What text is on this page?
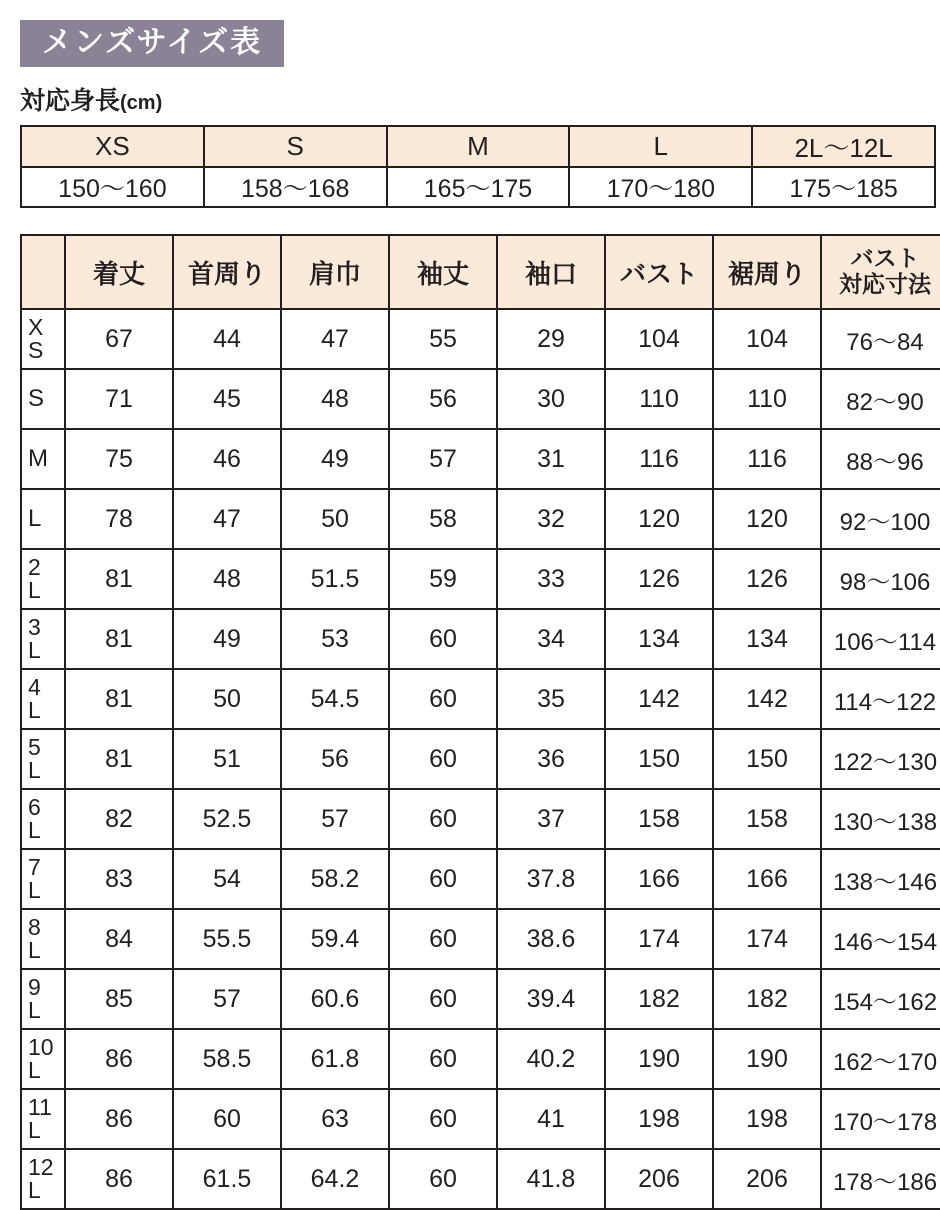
メンズサイズ表
対応身長(cm)
XS	S	M	L	2L〜12L
150〜160	158〜168	165〜175	170〜180	175〜185
	着丈	首周り	肩巾	袖丈	袖口	バスト	裾周り	バスト
対応寸法

X
S	67	44	47	55	29	104	104	76〜84
S	71	45	48	56	30	110	110	82〜90
M	75	46	49	57	31	116	116	88〜96
L	78	47	50	58	32	120	120	92〜100

2
L	81	48	51.5	59	33	126	126	98〜106

3
L	81	49	53	60	34	134	134	106〜114

4
L	81	50	54.5	60	35	142	142	114〜122

5
L	81	51	56	60	36	150	150	122〜130

6
L	82	52.5	57	60	37	158	158	130〜138

7
L	83	54	58.2	60	37.8	166	166	138〜146

8
L	84	55.5	59.4	60	38.6	174	174	146〜154

9
L	85	57	60.6	60	39.4	182	182	154〜162

10
L	86	58.5	61.8	60	40.2	190	190	162〜170

11
L	86	60	63	60	41	198	198	170〜178

12
L	86	61.5	64.2	60	41.8	206	206	178〜186
